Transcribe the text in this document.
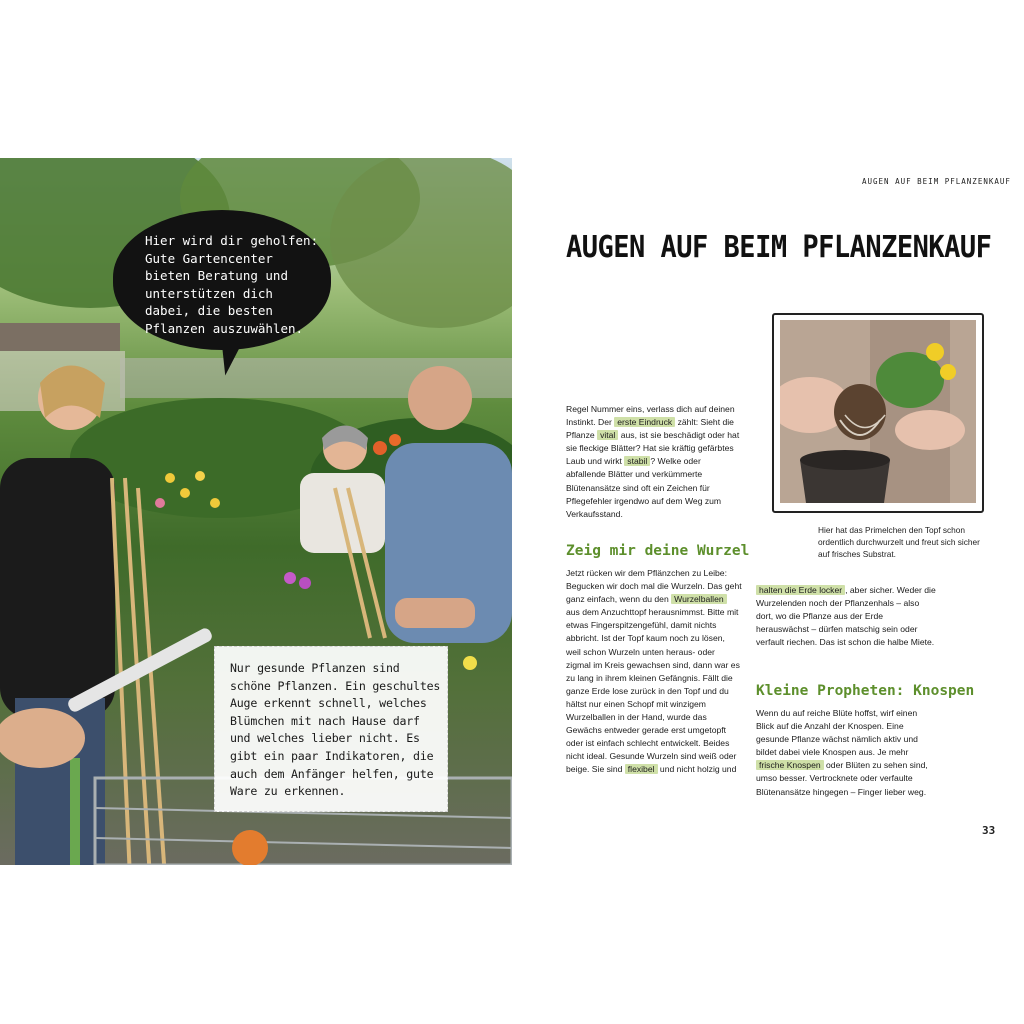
Hier wird dir geholfen: Gute Gartencenter bieten Beratung und unterstützen dich dabei, die besten Pflanzen auszuwählen.
Nur gesunde Pflanzen sind schöne Pflanzen. Ein geschultes Auge erkennt schnell, welches Blümchen mit nach Hause darf und welches lieber nicht. Es gibt ein paar Indikatoren, die auch dem Anfänger helfen, gute Ware zu erkennen.
AUGEN AUF BEIM PFLANZENKAUF
AUGEN AUF BEIM PFLANZENKAUF
Hier hat das Primelchen den Topf schon ordentlich durchwurzelt und freut sich sicher auf frisches Substrat.
Regel Nummer eins, verlass dich auf deinen Instinkt. Der erste Eindruck zählt: Sieht die Pflanze vital aus, ist sie beschädigt oder hat sie fleckige Blätter? Hat sie kräftig gefärbtes Laub und wirkt stabil ? Welke oder abfallende Blätter und verkümmerte Blütenansätze sind oft ein Zeichen für Pflegefehler irgendwo auf dem Weg zum Verkaufsstand.
Zeig mir deine Wurzel
Jetzt rücken wir dem Pflänzchen zu Leibe: Begucken wir doch mal die Wurzeln. Das geht ganz einfach, wenn du den Wurzelballen aus dem Anzuchttopf herausnimmst. Bitte mit etwas Fingerspitzengefühl, damit nichts abbricht. Ist der Topf kaum noch zu lösen, weil schon Wurzeln unten heraus- oder zigmal im Kreis gewachsen sind, dann war es zu lang in ihrem kleinen Gefängnis. Fällt die ganze Erde lose zurück in den Topf und du hältst nur einen Schopf mit winzigem Wurzelballen in der Hand, wurde das Gewächs entweder gerade erst umgetopft oder ist einfach schlecht entwickelt. Beides nicht ideal. Gesunde Wurzeln sind weiß oder beige. Sie sind flexibel und nicht holzig und
halten die Erde locker , aber sicher. Weder die Wurzelenden noch der Pflanzenhals – also dort, wo die Pflanze aus der Erde herauswächst – dürfen matschig sein oder verfault riechen. Das ist schon die halbe Miete.
Kleine Propheten: Knospen
Wenn du auf reiche Blüte hoffst, wirf einen Blick auf die Anzahl der Knospen. Eine gesunde Pflanze wächst nämlich aktiv und bildet dabei viele Knospen aus. Je mehr frische Knospen oder Blüten zu sehen sind, umso besser. Vertrocknete oder verfaulte Blütenansätze hingegen – Finger lieber weg.
33
